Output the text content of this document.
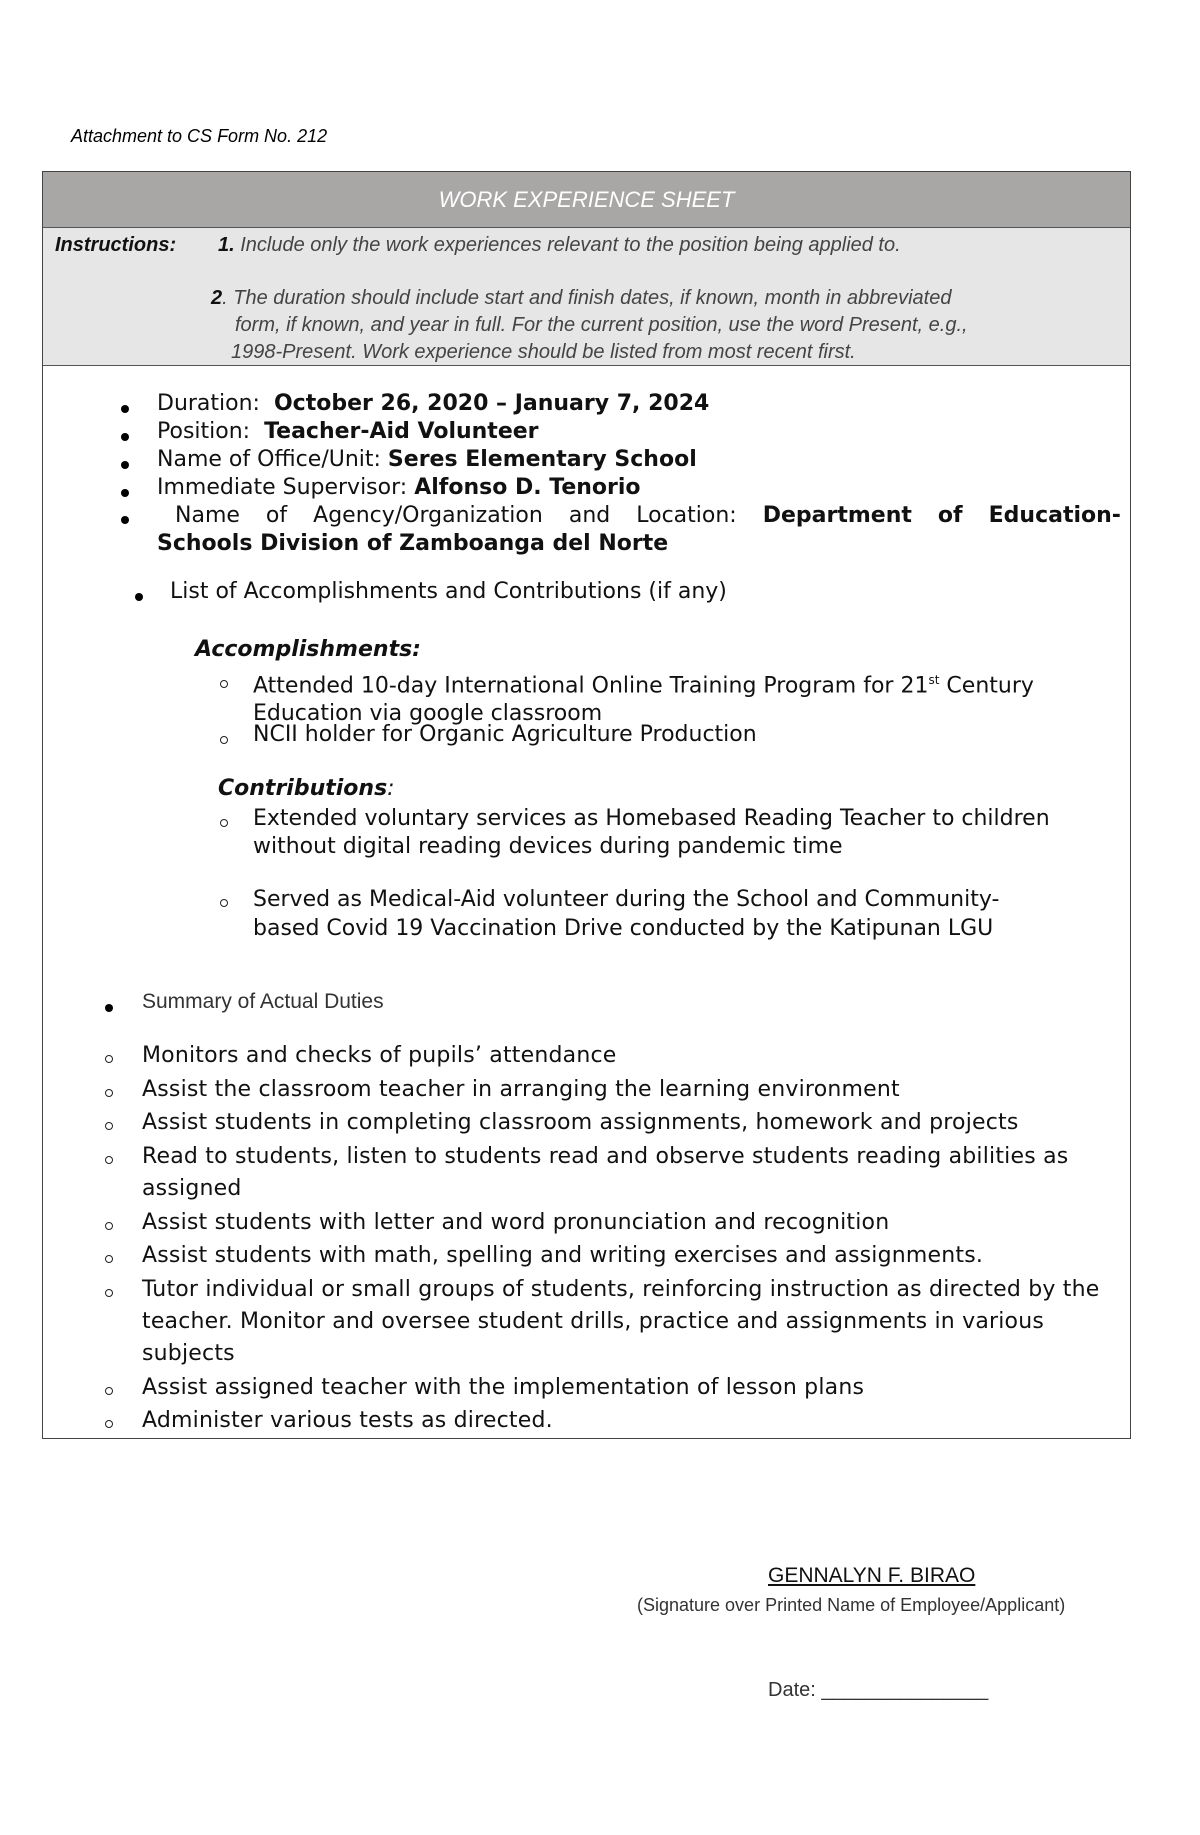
Attachment to CS Form No. 212
WORK EXPERIENCE SHEET
Instructions: 1. Include only the work experiences relevant to the position being applied to.
2. The duration should include start and finish dates, if known, month in abbreviated
form, if known, and year in full. For the current position, use the word Present, e.g.,
1998-Present. Work experience should be listed from most recent first.
Duration: October 26, 2020 – January 7, 2024
Position: Teacher-Aid Volunteer
Name of Office/Unit: Seres Elementary School
Immediate Supervisor: Alfonso D. Tenorio
Name of Agency/Organization and Location: Department of Education-
Schools Division of Zamboanga del Norte
List of Accomplishments and Contributions (if any)
Accomplishments:
Attended 10-day International Online Training Program for 21st Century
Education via google classroom
NCII holder for Organic Agriculture Production
Contributions:
Extended voluntary services as Homebased Reading Teacher to children
without digital reading devices during pandemic time
Served as Medical-Aid volunteer during the School and Community-
based Covid 19 Vaccination Drive conducted by the Katipunan LGU
Summary of Actual Duties
Monitors and checks of pupils’ attendance
Assist the classroom teacher in arranging the learning environment
Assist students in completing classroom assignments, homework and projects
Read to students, listen to students read and observe students reading abilities as assigned
Assist students with letter and word pronunciation and recognition
Assist students with math, spelling and writing exercises and assignments.
Tutor individual or small groups of students, reinforcing instruction as directed by the teacher. Monitor and oversee student drills, practice and assignments in various subjects
Assist assigned teacher with the implementation of lesson plans
Administer various tests as directed.
GENNALYN F. BIRAO
(Signature over Printed Name of Employee/Applicant)
Date: _______________
